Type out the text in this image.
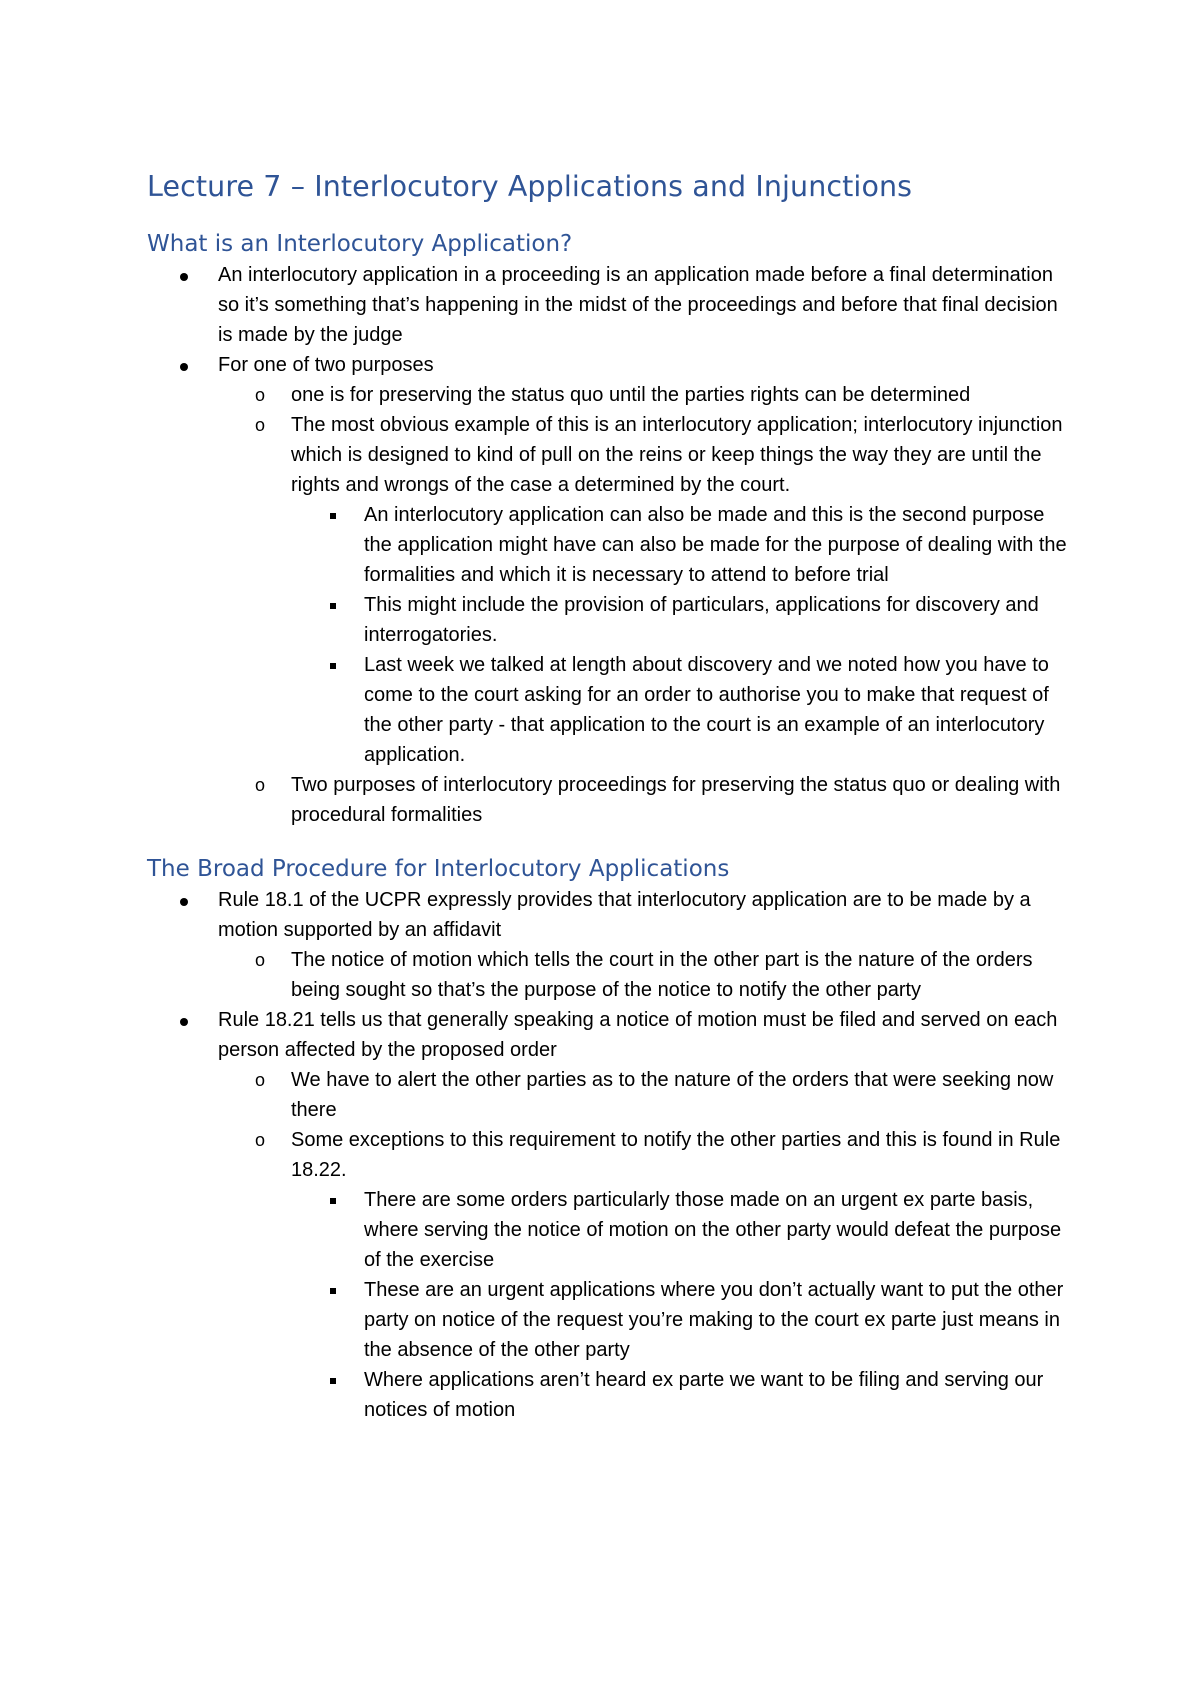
Lecture 7 – Interlocutory Applications and Injunctions
What is an Interlocutory Application?
An interlocutory application in a proceeding is an application made before a final determination so it’s something that’s happening in the midst of the proceedings and before that final decision is made by the judge
For one of two purposes
o	one is for preserving the status quo until the parties rights can be determined
o	The most obvious example of this is an interlocutory application; interlocutory injunction which is designed to kind of pull on the reins or keep things the way they are until the rights and wrongs of the case a determined by the court.
An interlocutory application can also be made and this is the second purpose the application might have can also be made for the purpose of dealing with the formalities and which it is necessary to attend to before trial
This might include the provision of particulars, applications for discovery and interrogatories.
Last week we talked at length about discovery and we noted how you have to come to the court asking for an order to authorise you to make that request of the other party - that application to the court is an example of an interlocutory application.
o	Two purposes of interlocutory proceedings for preserving the status quo or dealing with procedural formalities
The Broad Procedure for Interlocutory Applications
Rule 18.1 of the UCPR expressly provides that interlocutory application are to be made by a motion supported by an affidavit
o	The notice of motion which tells the court in the other part is the nature of the orders being sought so that’s the purpose of the notice to notify the other party
Rule 18.21 tells us that generally speaking a notice of motion must be filed and served on each person affected by the proposed order
o	We have to alert the other parties as to the nature of the orders that were seeking now there
o	Some exceptions to this requirement to notify the other parties and this is found in Rule 18.22.
There are some orders particularly those made on an urgent ex parte basis, where serving the notice of motion on the other party would defeat the purpose of the exercise
These are an urgent applications where you don’t actually want to put the other party on notice of the request you’re making to the court ex parte just means in the absence of the other party
Where applications aren’t heard ex parte we want to be filing and serving our notices of motion
